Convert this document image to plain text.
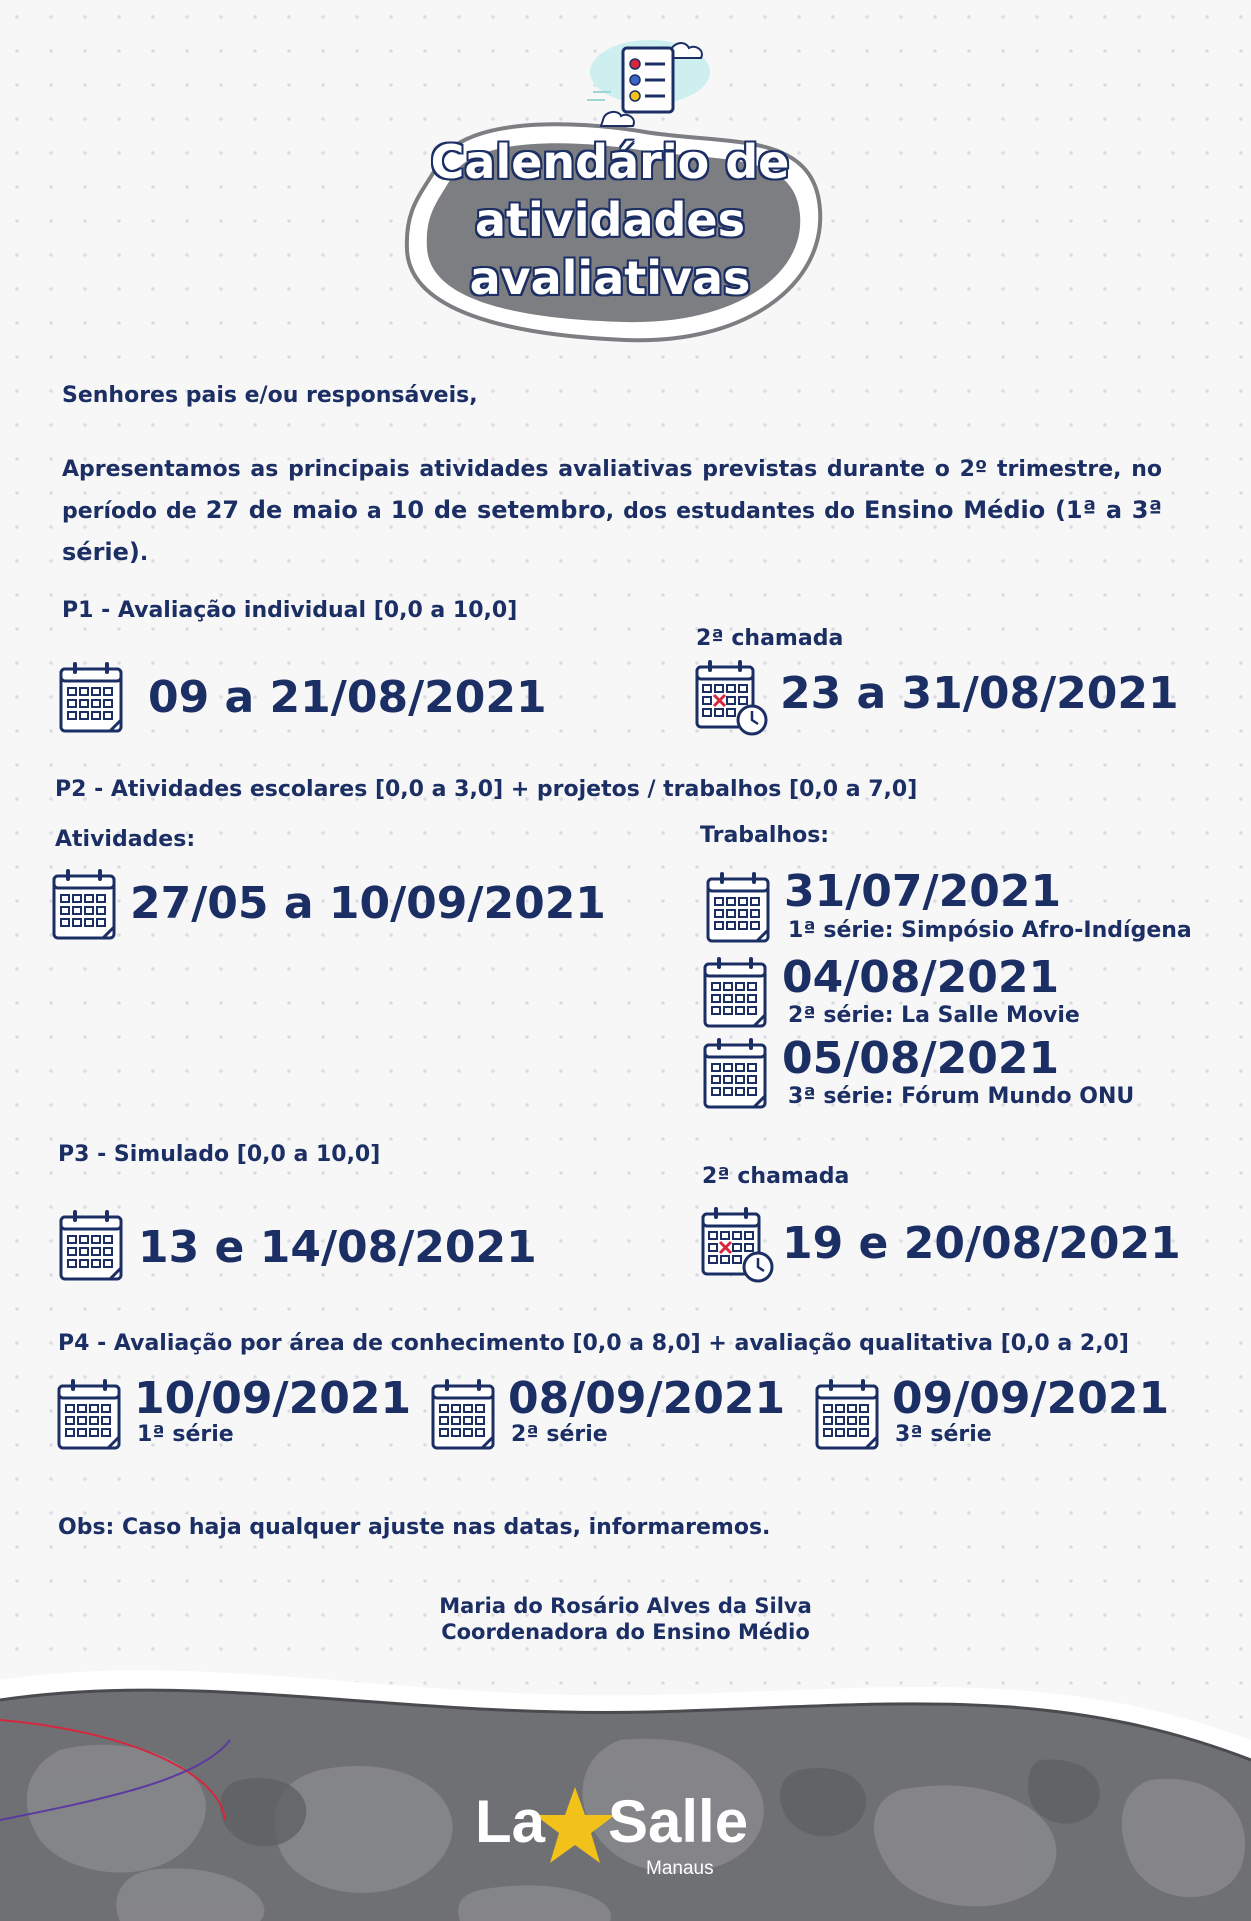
Calendário de
atividades
avaliativas
Senhores pais e/ou responsáveis,
Apresentamos as principais atividades avaliativas previstas durante o 2º trimestre, no período de 27 de maio a 10 de setembro, dos estudantes do Ensino Médio (1ª a 3ª série).
P1 - Avaliação individual [0,0 a 10,0]
09 a 21/08/2021
2ª chamada
23 a 31/08/2021
P2 - Atividades escolares [0,0 a 3,0] + projetos / trabalhos [0,0 a 7,0]
Atividades:
27/05 a 10/09/2021
Trabalhos:
31/07/2021
1ª série: Simpósio Afro-Indígena
04/08/2021
2ª série: La Salle Movie
05/08/2021
3ª série: Fórum Mundo ONU
P3 - Simulado [0,0 a 10,0]
13 e 14/08/2021
2ª chamada
19 e 20/08/2021
P4 - Avaliação por área de conhecimento [0,0 a 8,0] + avaliação qualitativa [0,0 a 2,0]
10/09/2021
1ª série
08/09/2021
2ª série
09/09/2021
3ª série
Obs: Caso haja qualquer ajuste nas datas, informaremos.
Maria do Rosário Alves da Silva
Coordenadora do Ensino Médio
La Salle
Manaus
